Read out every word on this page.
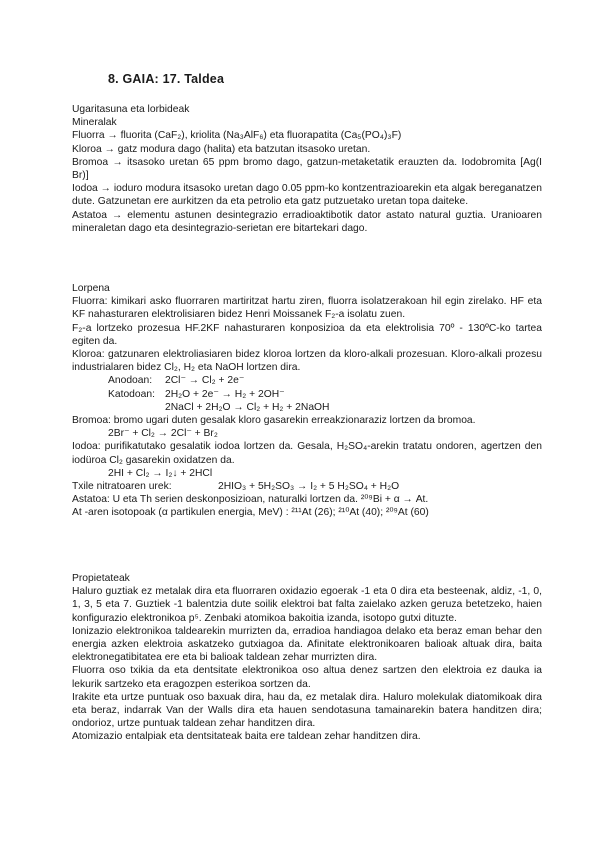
8. GAIA: 17. Taldea

Ugaritasuna eta lorbideak

Mineralak

Fluorra → fluorita (CaF₂), kriolita (Na₃AlF₆) eta fluorapatita (Ca₅(PO₄)₃F)

Kloroa → gatz modura dago (halita) eta batzutan itsasoko uretan.

Bromoa → itsasoko uretan 65 ppm bromo dago, gatzun-metaketatik erauzten da. Iodobromita [Ag(I Br)]

Iodoa → ioduro modura itsasoko uretan dago 0.05 ppm-ko kontzentrazioarekin eta algak bereganatzen dute. Gatzunetan ere aurkitzen da eta petrolio eta gatz putzuetako uretan topa daiteke.

Astatoa → elementu astunen desintegrazio erradioaktibotik dator astato natural guztia. Uranioaren mineraletan dago eta desintegrazio-serietan ere bitartekari dago.

Lorpena

Fluorra: kimikari asko fluorraren martiritzat hartu ziren, fluorra isolatzerakoan hil egin zirelako. HF eta KF nahasturaren elektrolisiaren bidez Henri Moissanek F₂-a isolatu zuen.

F₂-a lortzeko prozesua HF.2KF nahasturaren konposizioa da eta elektrolisia 70º - 130ºC-ko tartea egiten da.

Kloroa: gatzunaren elektroliasiaren bidez kloroa lortzen da kloro-alkali prozesuan. Kloro-alkali prozesu industrialaren bidez Cl₂, H₂ eta NaOH lortzen dira.

Anodoan:	2Cl⁻ → Cl₂ + 2e⁻
Katodoan: 2H₂O + 2e⁻ → H₂ + 2OH⁻
2NaCl + 2H₂O → Cl₂ + H₂ + 2NaOH

Bromoa: bromo ugari duten gesalak kloro gasarekin erreakzionaraziz lortzen da bromoa.

2Br⁻ + Cl₂ → 2Cl⁻ + Br₂

Iodoa: purifikatutako gesalatik iodoa lortzen da. Gesala, H₂SO₄-arekin tratatu ondoren, agertzen den iodüroa Cl₂ gasarekin oxidatzen da.

2HI + Cl₂ → I₂↓ + 2HCl

Txile nitratoaren urek:	2HIO₃ + 5H₂SO₃ → I₂ + 5 H₂SO₄ + H₂O

Astatoa: U eta Th serien deskonposizioan, naturalki lortzen da. ²⁰⁹Bi + α → At.

At -aren isotopoak (α partikulen energia, MeV) : ²¹¹At (26); ²¹⁰At (40); ²⁰⁹At (60)

Propietateak

Haluro guztiak ez metalak dira eta fluorraren oxidazio egoerak -1 eta 0 dira eta besteenak, aldiz, -1, 0, 1, 3, 5 eta 7. Guztiek -1 balentzia dute soilik elektroi bat falta zaielako azken geruza betetzeko, haien konfigurazio elektronikoa p⁵. Zenbaki atomikoa bakoitia izanda, isotopo gutxi dituzte.

Ionizazio elektronikoa taldearekin murrizten da, erradioa handiagoa delako eta beraz eman behar den energia azken elektroia askatzeko gutxiagoa da. Afinitate elektronikoaren balioak altuak dira, baita elektronegatibitatea ere eta bi balioak taldean zehar murrizten dira.

Fluorra oso txikia da eta dentsitate elektronikoa oso altua denez sartzen den elektroia ez dauka ia lekurik sartzeko eta eragozpen esterikoa sortzen da.

Irakite eta urtze puntuak oso baxuak dira, hau da, ez metalak dira. Haluro molekulak diatomikoak dira eta beraz, indarrak Van der Walls dira eta hauen sendotasuna tamainarekin batera handitzen dira; ondorioz, urtze puntuak taldean zehar handitzen dira.

Atomizazio entalpiak eta dentsitateak baita ere taldean zehar handitzen dira.
